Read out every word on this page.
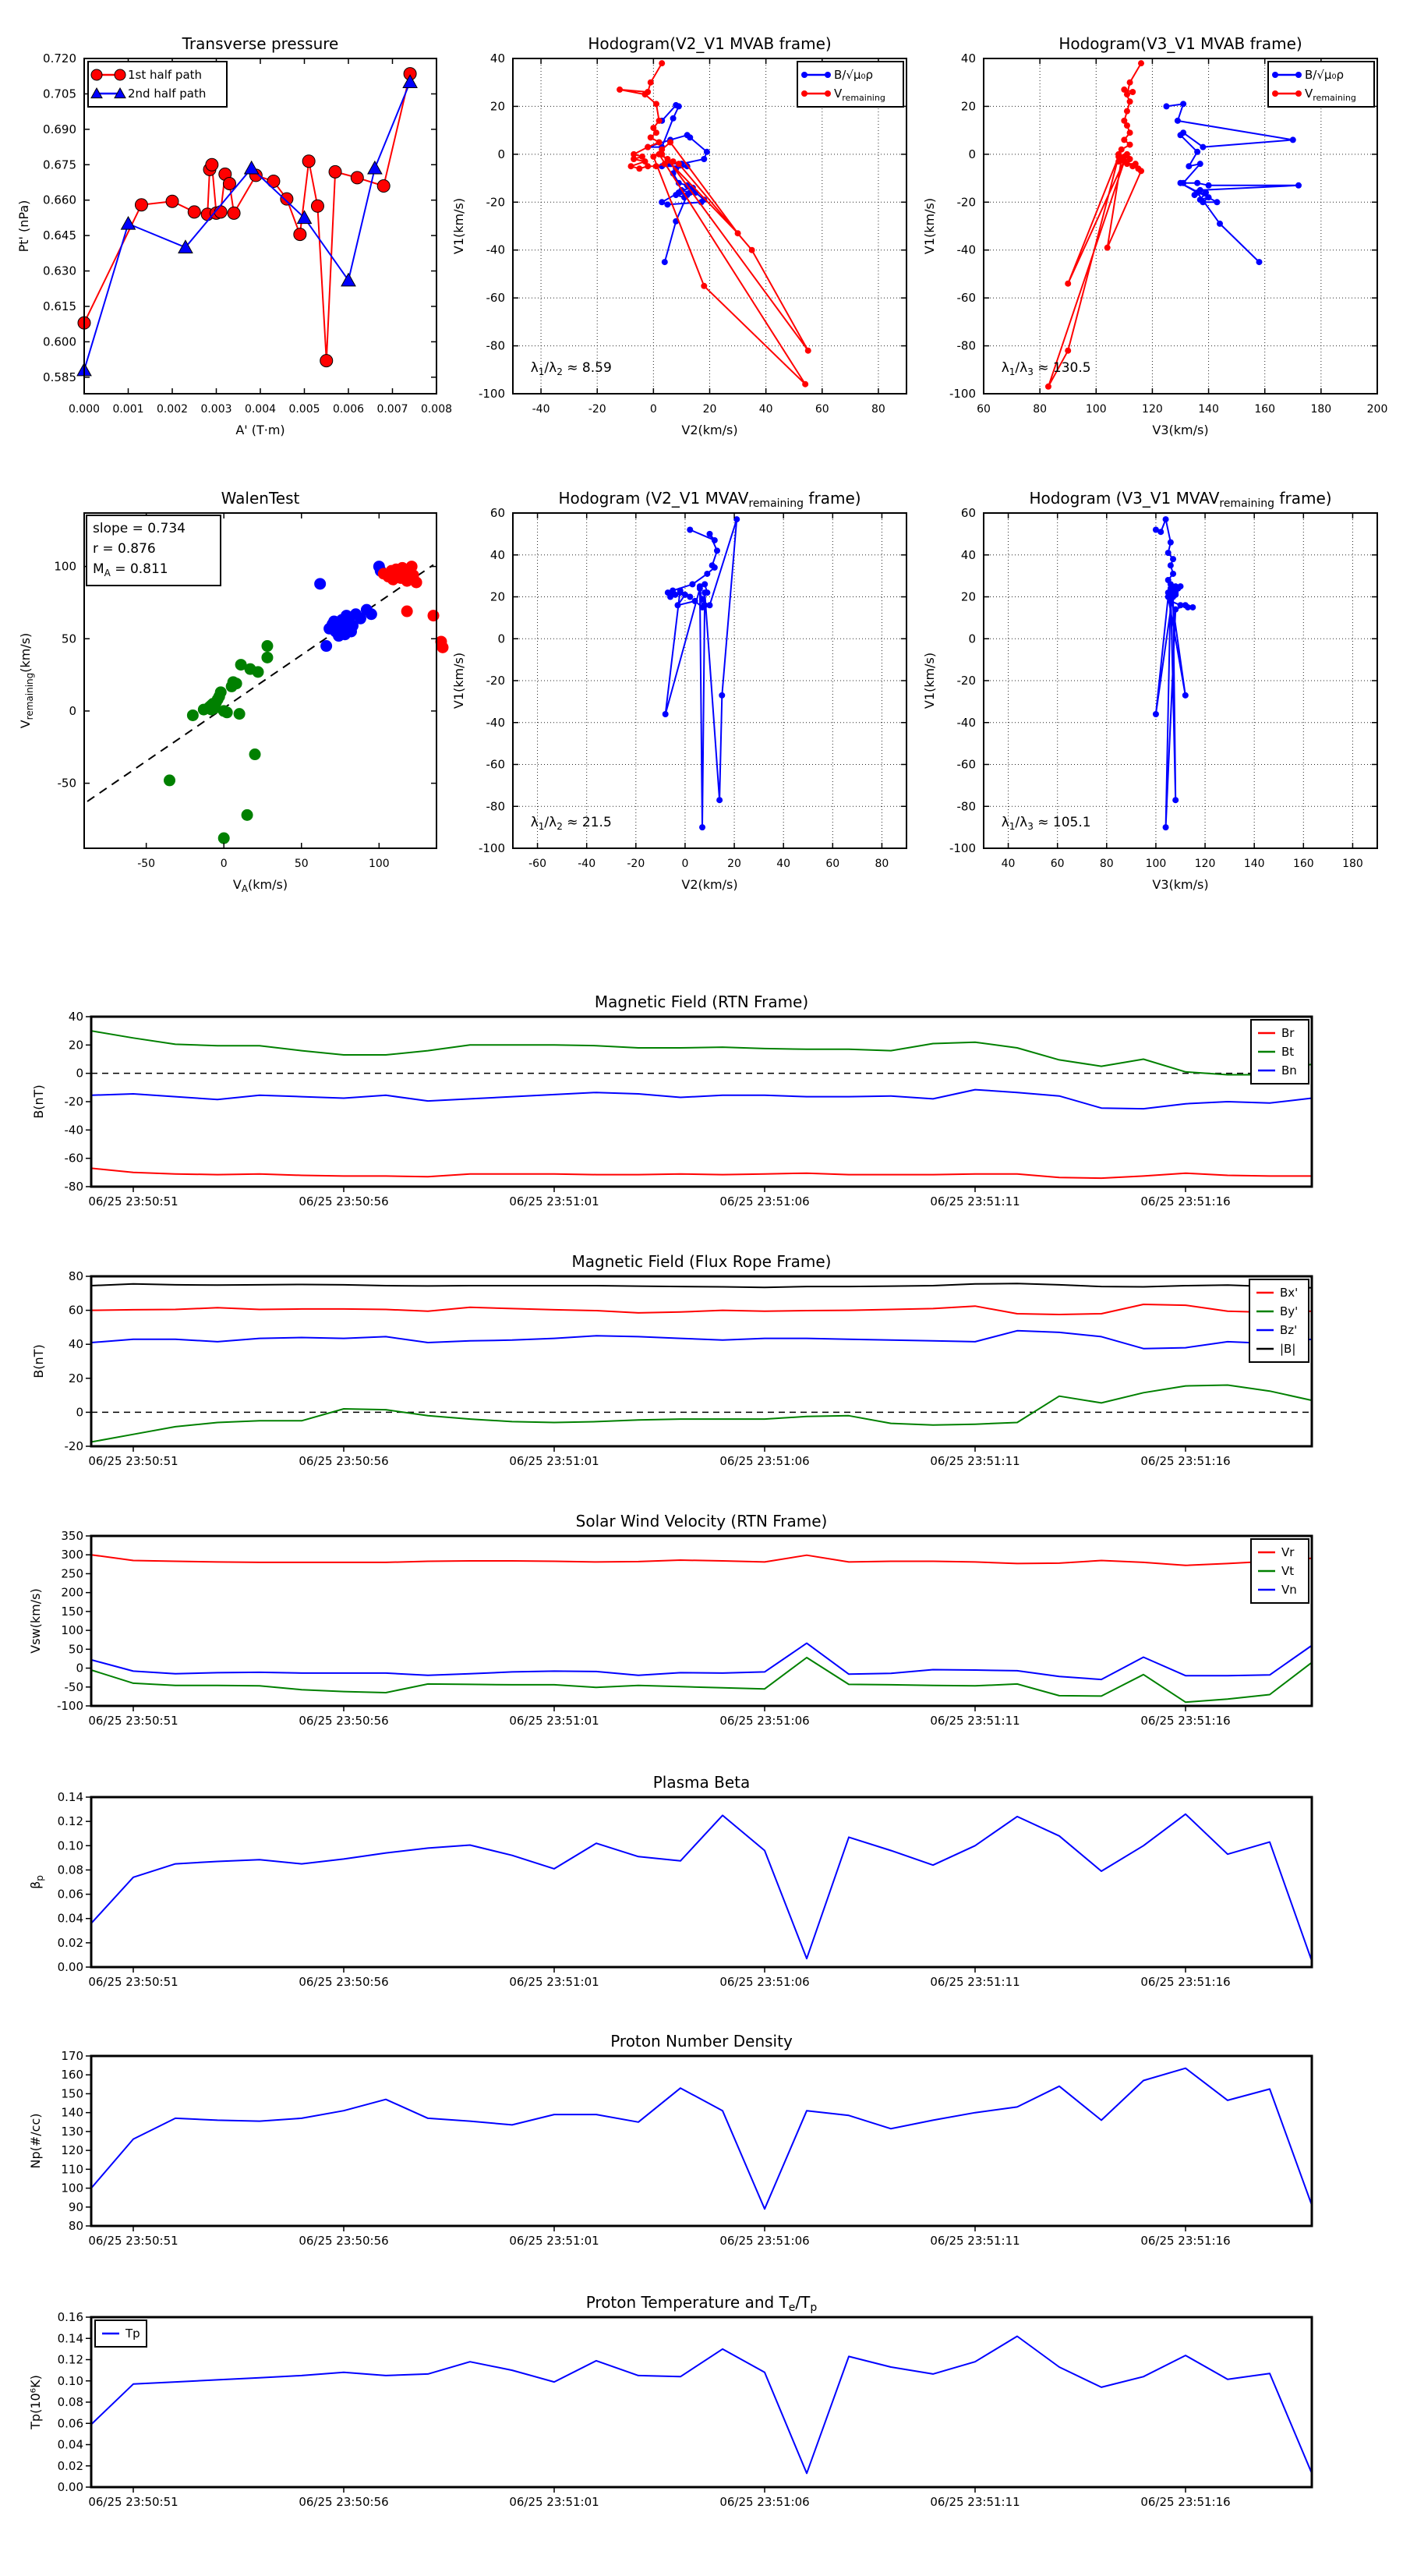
0.000 0.001 0.002 0.003 0.004 0.005 0.006 0.007 0.008
0.585
0.600
0.615
0.630
0.645
0.660
0.675
0.690
0.705
0.720
Transverse pressure
A' (T·m)
Pt' (nPa)
1st half path
2nd half path
-40	-20	0	20	40	60	80
-100
-80
-60
-40
-20
0
20
40
Hodogram(V2_V1 MVAB frame)
V2(km/s)
V1(km/s)
$\lambda_1/\lambda_2 \approx 8.59$
B/√μ₀ρ
$V_{remaining}$
60	80	100	120	140	160	180	200
-100
-80
-60
-40
-20
0
20
40
Hodogram(V3_V1 MVAB frame)
V3(km/s)
V1(km/s)
$\lambda_1/\lambda_3 \approx 130.5$
B/√μ₀ρ
$V_{remaining}$
-50	0	50	100
-50
0
50
100
WalenTest
$V_A(km/s)$
$V_{remaining}(km/s)$
slope = 0.734
r = 0.876
$M_A = 0.811$
-60	-40	-20	0	20	40	60	80
-100
-80
-60
-40
-20
0
20
40
60
Hodogram (V2_V1 $MVAV_{remaining}$ frame)
V2(km/s)
V1(km/s)
$\lambda_1/\lambda_2 \approx 21.5$
40	60	80	100	120	140	160	180
-100
-80
-60
-40
-20
0
20
40
60
Hodogram (V3_V1 $MVAV_{remaining}$ frame)
V3(km/s)
V1(km/s)
$\lambda_1/\lambda_3 \approx 105.1$
06/25 23:50:51	06/25 23:50:56	06/25 23:51:01	06/25 23:51:06	06/25 23:51:11	06/25 23:51:16
-80
-60
-40
-20
0
20
40
Magnetic Field (RTN Frame)
B(nT)
Br
Bt
Bn
06/25 23:50:51	06/25 23:50:56	06/25 23:51:01	06/25 23:51:06	06/25 23:51:11	06/25 23:51:16
-20
0
20
40
60
80
Magnetic Field (Flux Rope Frame)
B(nT)
Bx'
By'
Bz'
|B|
06/25 23:50:51	06/25 23:50:56	06/25 23:51:01	06/25 23:51:06	06/25 23:51:11	06/25 23:51:16
-100
-50
0
50
100
150
200
250
300
350
Solar Wind Velocity (RTN Frame)
Vsw(km/s)
Vr
Vt
Vn
06/25 23:50:51	06/25 23:50:56	06/25 23:51:01	06/25 23:51:06	06/25 23:51:11	06/25 23:51:16
0.00
0.02
0.04
0.06
0.08
0.10
0.12
0.14
Plasma Beta
$\beta_p$
06/25 23:50:51	06/25 23:50:56	06/25 23:51:01	06/25 23:51:06	06/25 23:51:11	06/25 23:51:16
80
90
100
110
120
130
140
150
160
170
Proton Number Density
Np(#/cc)
06/25 23:50:51	06/25 23:50:56	06/25 23:51:01	06/25 23:51:06	06/25 23:51:11	06/25 23:51:16
0.00
0.02
0.04
0.06
0.08
0.10
0.12
0.14
0.16
Proton Temperature and $T_e/T_p$
Tp(10⁶K)
Tp
